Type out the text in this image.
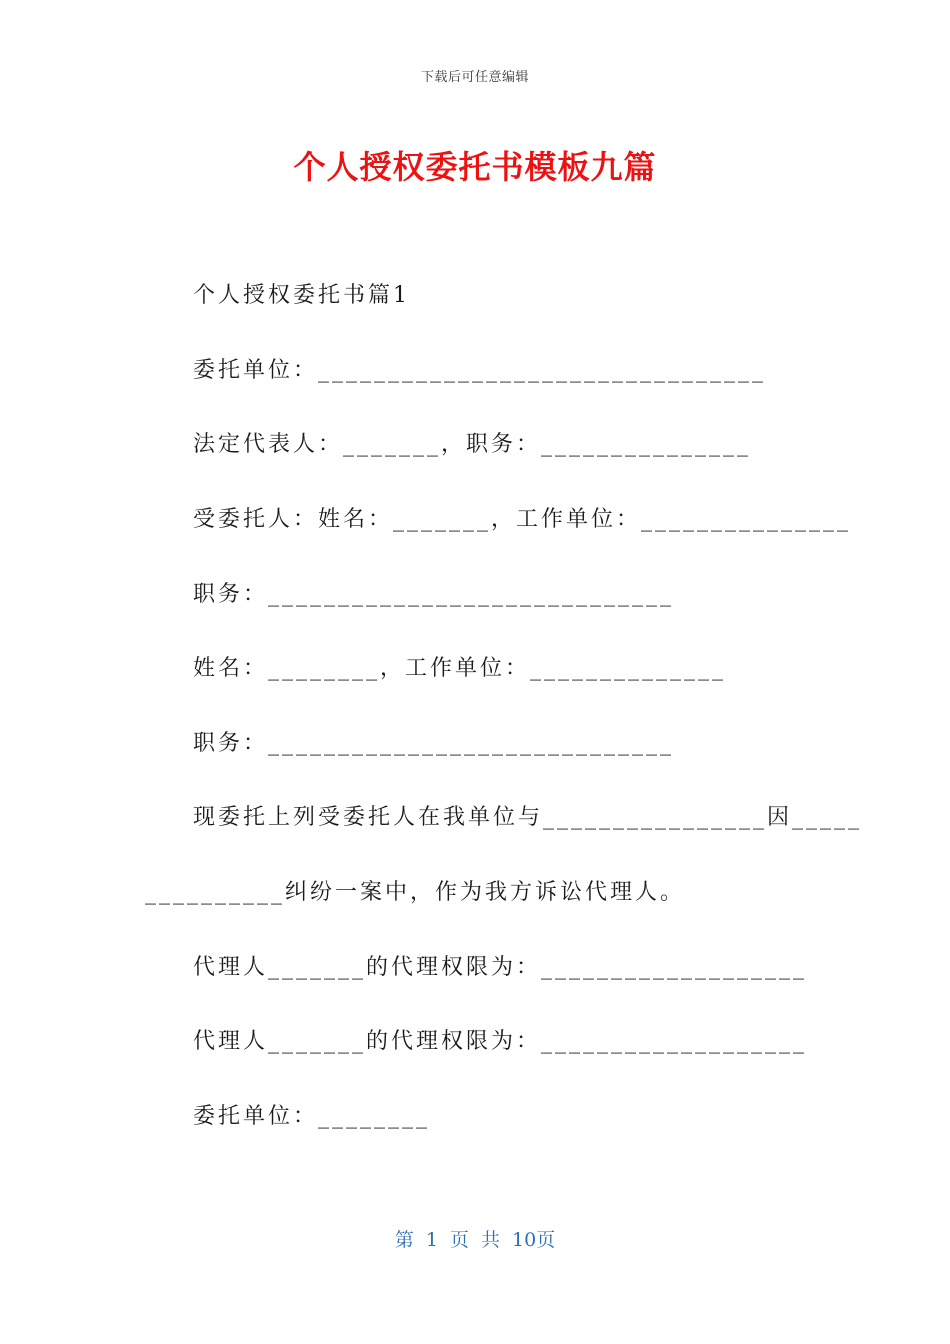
下载后可任意编辑
个人授权委托书模板九篇
个人授权委托书篇1
委托单位：________________________________
法定代表人：_______，职务：_______________
受委托人：姓名：_______，工作单位：_______________
职务：_____________________________
姓名：________，工作单位：______________
职务：_____________________________
现委托上列受委托人在我单位与________________因_____
__________纠纷一案中，作为我方诉讼代理人。
代理人_______的代理权限为：___________________
代理人_______的代理权限为：___________________
委托单位：________
第 1 页 共 10页
